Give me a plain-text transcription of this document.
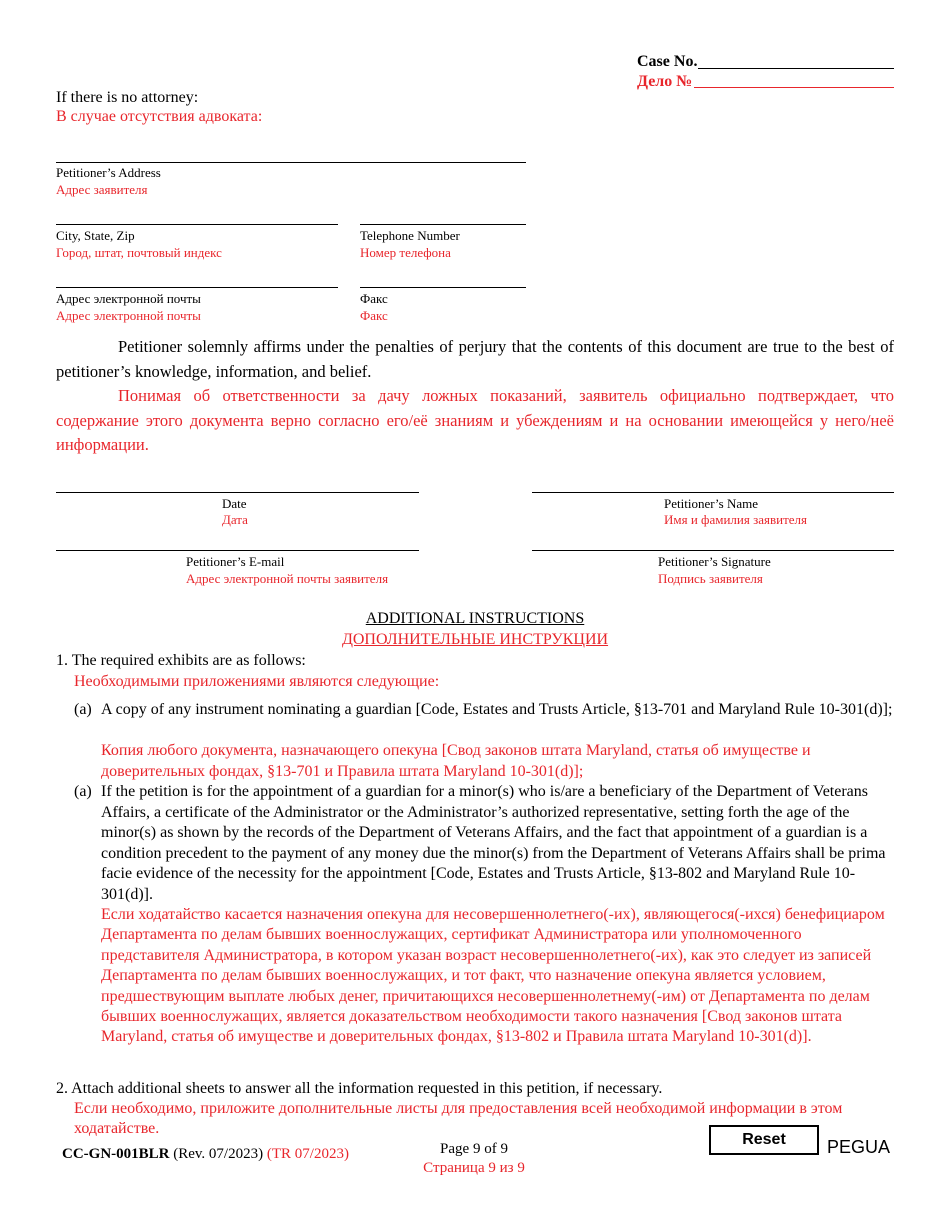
Case No.
Дело №
If there is no attorney:
В случае отсутствия адвоката:
Petitioner’s Address
Адрес заявителя
City, State, Zip
Город, штат, почтовый индекс
Telephone Number
Номер телефона
Адрес электронной почты
Адрес электронной почты
Факс
Факс
Petitioner solemnly affirms under the penalties of perjury that the contents of this document are true to the best of petitioner’s knowledge, information, and belief.
Понимая об ответственности за дачу ложных показаний, заявитель официально подтверждает, что содержание этого документа верно согласно его/её знаниям и убеждениям и на основании имеющейся у него/неё информации.
Date
Дата
Petitioner’s Name
Имя и фамилия заявителя
Petitioner’s E-mail
Адрес электронной почты заявителя
Petitioner’s Signature
Подпись заявителя
ADDITIONAL INSTRUCTIONS
ДОПОЛНИТЕЛЬНЫЕ ИНСТРУКЦИИ
1. The required exhibits are as follows:
Необходимыми приложениями являются следующие:
(a) A copy of any instrument nominating a guardian [Code, Estates and Trusts Article, §13-701 and Maryland Rule 10-301(d)];
Копия любого документа, назначающего опекуна [Свод законов штата Maryland, статья об имуществе и доверительных фондах, §13-701 и Правила штата Maryland 10-301(d)];
(a) If the petition is for the appointment of a guardian for a minor(s) who is/are a beneficiary of the Department of Veterans Affairs, a certificate of the Administrator or the Administrator’s authorized representative, setting forth the age of the minor(s) as shown by the records of the Department of Veterans Affairs, and the fact that appointment of a guardian is a condition precedent to the payment of any money due the minor(s) from the Department of Veterans Affairs shall be prima facie evidence of the necessity for the appointment [Code, Estates and Trusts Article, §13-802 and Maryland Rule 10-301(d)].
Если ходатайство касается назначения опекуна для несовершеннолетнего(-их), являющегося(-ихся) бенефициаром Департамента по делам бывших военнослужащих, сертификат Администратора или уполномоченного представителя Администратора, в котором указан возраст несовершеннолетнего(-их), как это следует из записей Департамента по делам бывших военнослужащих, и тот факт, что назначение опекуна является условием, предшествующим выплате любых денег, причитающихся несовершеннолетнему(-им) от Департамента по делам бывших военнослужащих, является доказательством необходимости такого назначения [Свод законов штата Maryland, статья об имуществе и доверительных фондах, §13-802 и Правила штата Maryland 10-301(d)].
2. Attach additional sheets to answer all the information requested in this petition, if necessary.
Если необходимо, приложите дополнительные листы для предоставления всей необходимой информации в этом ходатайстве.
CC-GN-001BLR (Rev. 07/2023) (TR 07/2023)	Page 9 of 9
Страница 9 из 9
Reset	PEGUA
